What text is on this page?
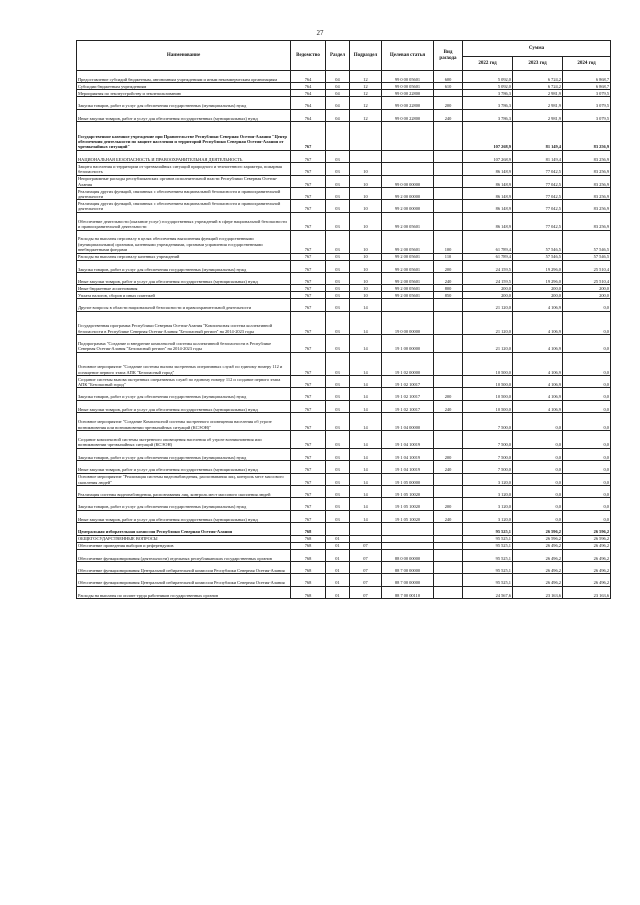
27
Наименование	Ведомство	Раздел	Подраздел	Целевая статья	Вид расхода	Сумма		
						2022 год	2023 год	2024 год
Предоставление субсидий бюджетным, автономным учреждениям и иным некоммерческим организациям	764	04	12	99 0 00 05601	600	5 092,0	6 724,2	6 868,7
Субсидии бюджетным учреждениям	764	04	12	99 0 00 05601	610	5 092,0	6 724,2	6 868,7
Мероприятия по землеустройству и землепользованию	764	04	12	99 0 00 22800		3 786,3	2 981,9	3 079,5
Закупка товаров, работ и услуг для обеспечения государственных (муниципальных) нужд	764	04	12	99 0 00 22800	200	3 786,3	2 981,9	3 079,5
Иные закупки товаров, работ и услуг для обеспечения государственных (муниципальных) нужд	764	04	12	99 0 00 22800	240	3 786,3	2 981,9	3 079,5
Государственное казенное учреждение при Правительстве Республики Северная Осетия-Алания "Центр обеспечения деятельности по защите населения и территорий Республики Северная Осетия-Алания от чрезвычайных ситуаций"	767					107 268,9	81 149,4	83 256,9
НАЦИОНАЛЬНАЯ БЕЗОПАСНОСТЬ И ПРАВООХРАНИТЕЛЬНАЯ ДЕЯТЕЛЬНОСТЬ	767	03				107 268,9	81 149,4	83 256,9
Защита населения и территории от чрезвычайных ситуаций природного и техногенного характера, пожарная безопасность	767	03	10			86 148,9	77 042,5	83 256,9
Непрограммные расходы республиканских органов исполнительной власти Республики Северная Осетия-Алания	767	03	10	99 0 00 00000		86 148,9	77 042,5	83 256,9
Реализация других функций, связанных с обеспечением национальной безопасности и правоохранительной деятельности	767	03	10	99 2 00 00000		86 148,9	77 042,5	83 256,9
Реализация других функций, связанных с обеспечением национальной безопасности и правоохранительной деятельности	767	03	10	99 2 00 00000		86 148,9	77 042,5	83 256,9
Обеспечение деятельности (оказание услуг) государственных учреждений в сфере национальной безопасности и правоохранительной деятельности	767	03	10	99 2 00 05601		86 148,9	77 042,5	83 256,9
Расходы на выплаты персоналу в целях обеспечения выполнения функций государственными (муниципальными) органами, казенными учреждениями, органами управления государственными внебюджетными фондами	767	03	10	99 2 00 05601	100	61 789,4	57 546,5	57 546,5
Расходы на выплаты персоналу казенных учреждений	767	03	10	99 2 00 05601	110	61 789,4	57 546,5	57 546,5
Закупка товаров, работ и услуг для обеспечения государственных (муниципальных) нужд	767	03	10	99 2 00 05601	200	24 159,5	19 296,0	25 510,4
Иные закупки товаров, работ и услуг для обеспечения государственных (муниципальных) нужд	767	03	10	99 2 00 05601	240	24 159,5	19 296,0	25 510,4
Иные бюджетные ассигнования	767	03	10	99 2 00 05601	800	200,0	200,0	200,0
Уплата налогов, сборов и иных платежей	767	03	10	99 2 00 05601	850	200,0	200,0	200,0
Другие вопросы в области национальной безопасности и правоохранительной деятельности	767	03	14			21 120,0	4 106,9	0,0
Государственная программа Республики Северная Осетия-Алания "Комплексная система коллективной безопасности в Республике Северная Осетия-Алания "Безопасный регион" на 2014-2023 годы	767	03	14	19 0 00 00000		21 120,0	4 106,9	0,0
Подпрограмма "Создание и внедрение комплексной системы коллективной безопасности в Республике Северная Осетия-Алания "Безопасный регион" на 2014-2023 годы	767	03	14	19 1 00 00000		21 120,0	4 106,9	0,0
Основное мероприятие "Создание системы вызова экстренных оперативных служб по единому номеру 112 и оснащение первого этапа АПК "Безопасный город"	767	03	14	19 1 02 00000		10 500,0	4 106,9	0,0
Создание системы вызова экстренных оперативных служб по единому номеру 112 и создание первого этапа АПК "Безопасный город"	767	03	14	19 1 02 10017		10 500,0	4 106,9	0,0
Закупка товаров, работ и услуг для обеспечения государственных (муниципальных) нужд	767	03	14	19 1 02 10017	200	10 500,0	4 106,9	0,0
Иные закупки товаров, работ и услуг для обеспечения государственных (муниципальных) нужд	767	03	14	19 1 02 10017	240	10 500,0	4 106,9	0,0
Основное мероприятие "Создание Комплексной системы экстренного оповещения населения об угрозе возникновения или возникновении чрезвычайных ситуаций (КСЭОН)"	767	03	14	19 1 04 00000		7 500,0	0,0	0,0
Создание комплексной системы экстренного оповещения населения об угрозе возникновения или возникновении чрезвычайных ситуаций (КСЭОН)	767	03	14	19 1 04 10019		7 500,0	0,0	0,0
Закупка товаров, работ и услуг для обеспечения государственных (муниципальных) нужд	767	03	14	19 1 04 10019	200	7 500,0	0,0	0,0
Иные закупки товаров, работ и услуг для обеспечения государственных (муниципальных) нужд	767	03	14	19 1 04 10019	240	7 500,0	0,0	0,0
Основное мероприятие "Реализация системы видеонаблюдения, распознавания лиц, контроль мест массового скопления людей"	767	03	14	19 1 05 00000		3 120,0	0,0	0,0
Реализация системы видеонаблюдения, распознавания лиц, контроль мест массового скопления людей	767	03	14	19 1 05 10020		3 120,0	0,0	0,0
Закупка товаров, работ и услуг для обеспечения государственных (муниципальных) нужд	767	03	14	19 1 05 10020	200	3 120,0	0,0	0,0
Иные закупки товаров, работ и услуг для обеспечения государственных (муниципальных) нужд	767	03	14	19 1 05 10020	240	3 120,0	0,0	0,0
Центральная избирательная комиссия Республики Северная Осетия-Алания	768					95 525,1	26 596,2	26 596,2
ОБЩЕГОСУДАРСТВЕННЫЕ ВОПРОСЫ	768	01				95 525,1	26 596,2	26 596,2
Обеспечение проведения выборов и референдумов	768	01	07			95 525,1	26 496,2	26 496,2
Обеспечение функционирования (деятельности) отдельных республиканских государственных органов	768	01	07	88 0 00 00000		95 525,1	26 496,2	26 496,2
Обеспечение функционирования Центральной избирательной комиссии Республики Северная Осетия-Алания	768	01	07	88 7 00 00000		95 525,1	26 496,2	26 496,2
Обеспечение функционирования Центральной избирательной комиссии Республики Северная Осетия-Алания	768	01	07	88 7 00 00000		95 525,1	26 496,2	26 496,2
Расходы на выплаты по оплате труда работников государственных органов	768	01	07	88 7 00 00110		24 567,6	23 163,6	23 163,6
